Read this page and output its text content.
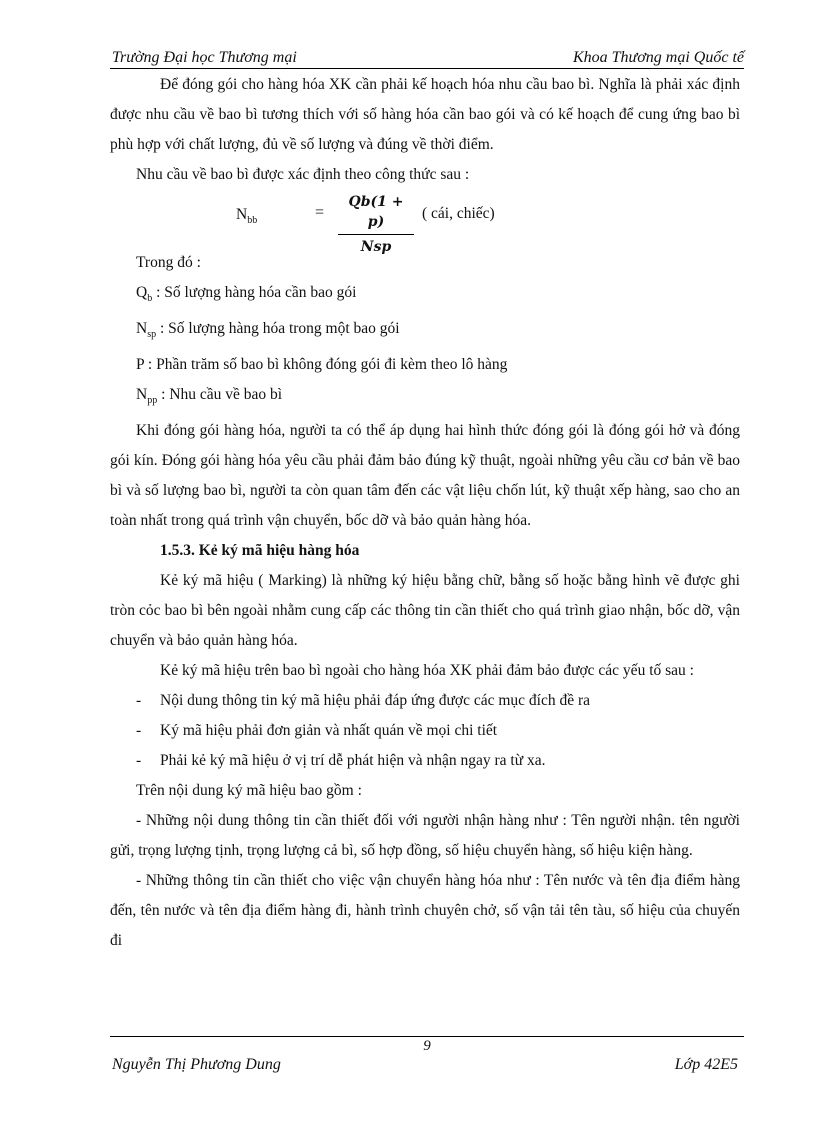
Trường Đại học Thương mại	Khoa Thương mại Quốc tế

Để đóng gói cho hàng hóa XK cần phải kế hoạch hóa nhu cầu bao bì. Nghĩa là phải xác định được nhu cầu về bao bì tương thích với số hàng hóa cần bao gói và có kế hoạch để cung ứng bao bì phù hợp với chất lượng, đủ về số lượng và đúng về thời điểm.

Nhu cầu về bao bì được xác định theo công thức sau :

$N_{bb}$	=
Qb(1 + p)
Nsp
( cái, chiếc)

Trong đó :

$Q_b$ : Số lượng hàng hóa cần bao gói

$N_{sp}$ : Số lượng hàng hóa trong một bao gói

P : Phần trăm số bao bì không đóng gói đi kèm theo lô hàng

$N_{pp}$ : Nhu cầu về bao bì

Khi đóng gói hàng hóa, người ta có thể áp dụng hai hình thức đóng gói là đóng gói hở và đóng gói kín. Đóng gói hàng hóa yêu cầu phải đảm bảo đúng kỹ thuật, ngoài những yêu cầu cơ bản về bao bì và số lượng bao bì, người ta còn quan tâm đến các vật liệu chốn lút, kỹ thuật xếp hàng, sao cho an toàn nhất trong quá trình vận chuyển, bốc dỡ và bảo quản hàng hóa.

1.5.3. Kẻ ký mã hiệu hàng hóa

Kẻ ký mã hiệu ( Marking) là những ký hiệu bằng chữ, bằng số hoặc bằng hình vẽ được ghi tròn cỏc bao bì bên ngoài nhằm cung cấp các thông tin cần thiết cho quá trình giao nhận, bốc dỡ, vận chuyển và bảo quản hàng hóa.

Kẻ ký mã hiệu trên bao bì ngoài cho hàng hóa XK phải đảm bảo được các yếu tố sau :

- Nội dung thông tin ký mã hiệu phải đáp ứng được các mục đích đề ra

- Ký mã hiệu phải đơn giản và nhất quán về mọi chi tiết

- Phải kẻ ký mã hiệu ở vị trí dễ phát hiện và nhận ngay ra từ xa.

Trên nội dung ký mã hiệu bao gồm :

- Những nội dung thông tin cần thiết đối với người nhận hàng như : Tên người nhận. tên người gửi, trọng lượng tịnh, trọng lượng cả bì, số hợp đồng, số hiệu chuyển hàng, số hiệu kiện hàng.

- Những thông tin cần thiết cho việc vận chuyển hàng hóa như : Tên nước và tên địa điểm hàng đến, tên nước và tên địa điểm hàng đi, hành trình chuyên chở, số vận tải tên tàu, số hiệu của chuyến đi

9
Nguyễn Thị Phương Dung	Lớp 42E5
